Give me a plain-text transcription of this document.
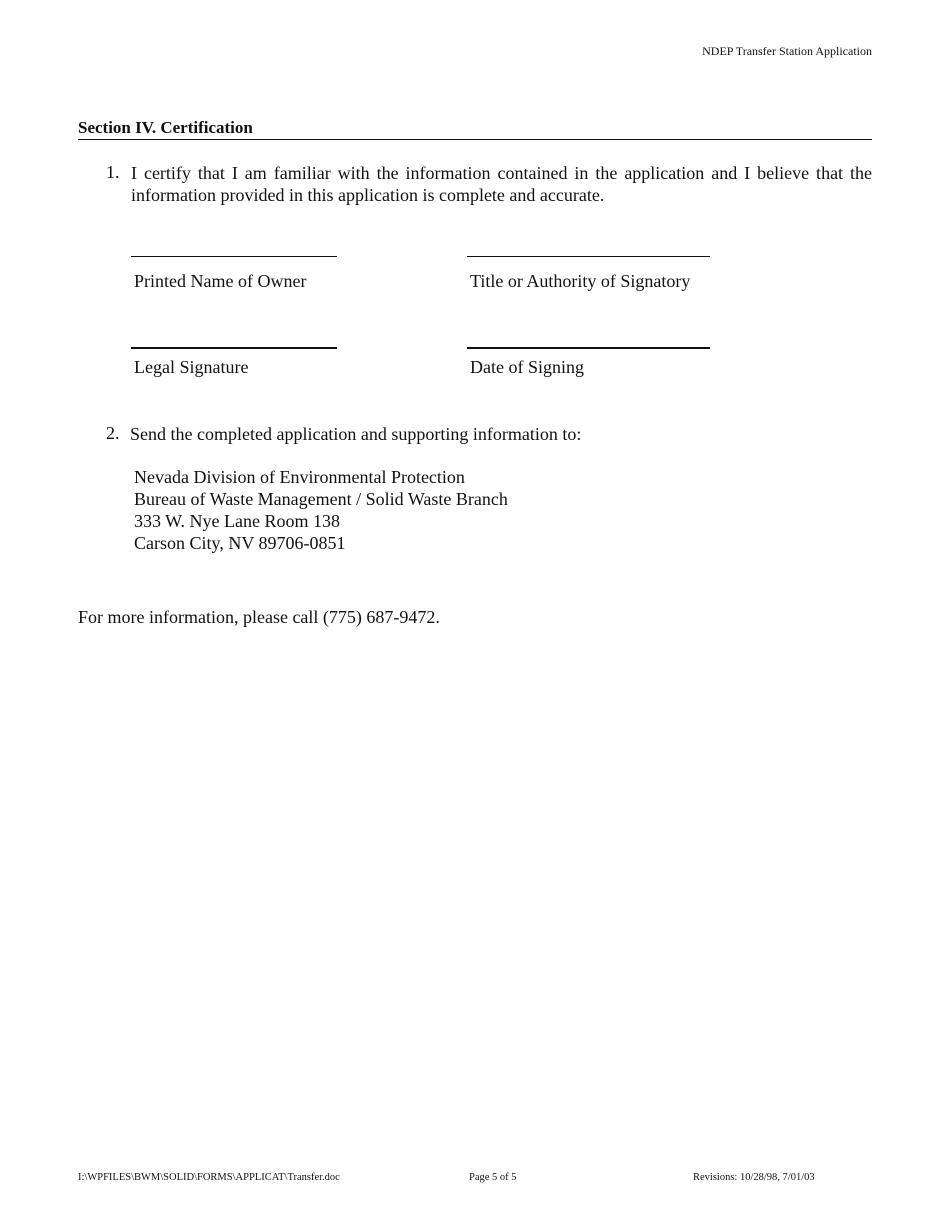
NDEP Transfer Station Application
Section IV. Certification
1. I certify that I am familiar with the information contained in the application and I believe that the information provided in this application is complete and accurate.
Printed Name of Owner	Title or Authority of Signatory
Legal Signature	Date of Signing
2. Send the completed application and supporting information to:
Nevada Division of Environmental Protection
Bureau of Waste Management / Solid Waste Branch
333 W. Nye Lane Room 138
Carson City, NV 89706-0851
For more information, please call (775) 687-9472.
I:\WPFILES\BWM\SOLID\FORMS\APPLICAT\Transfer.doc	Page 5 of 5	Revisions: 10/28/98, 7/01/03
